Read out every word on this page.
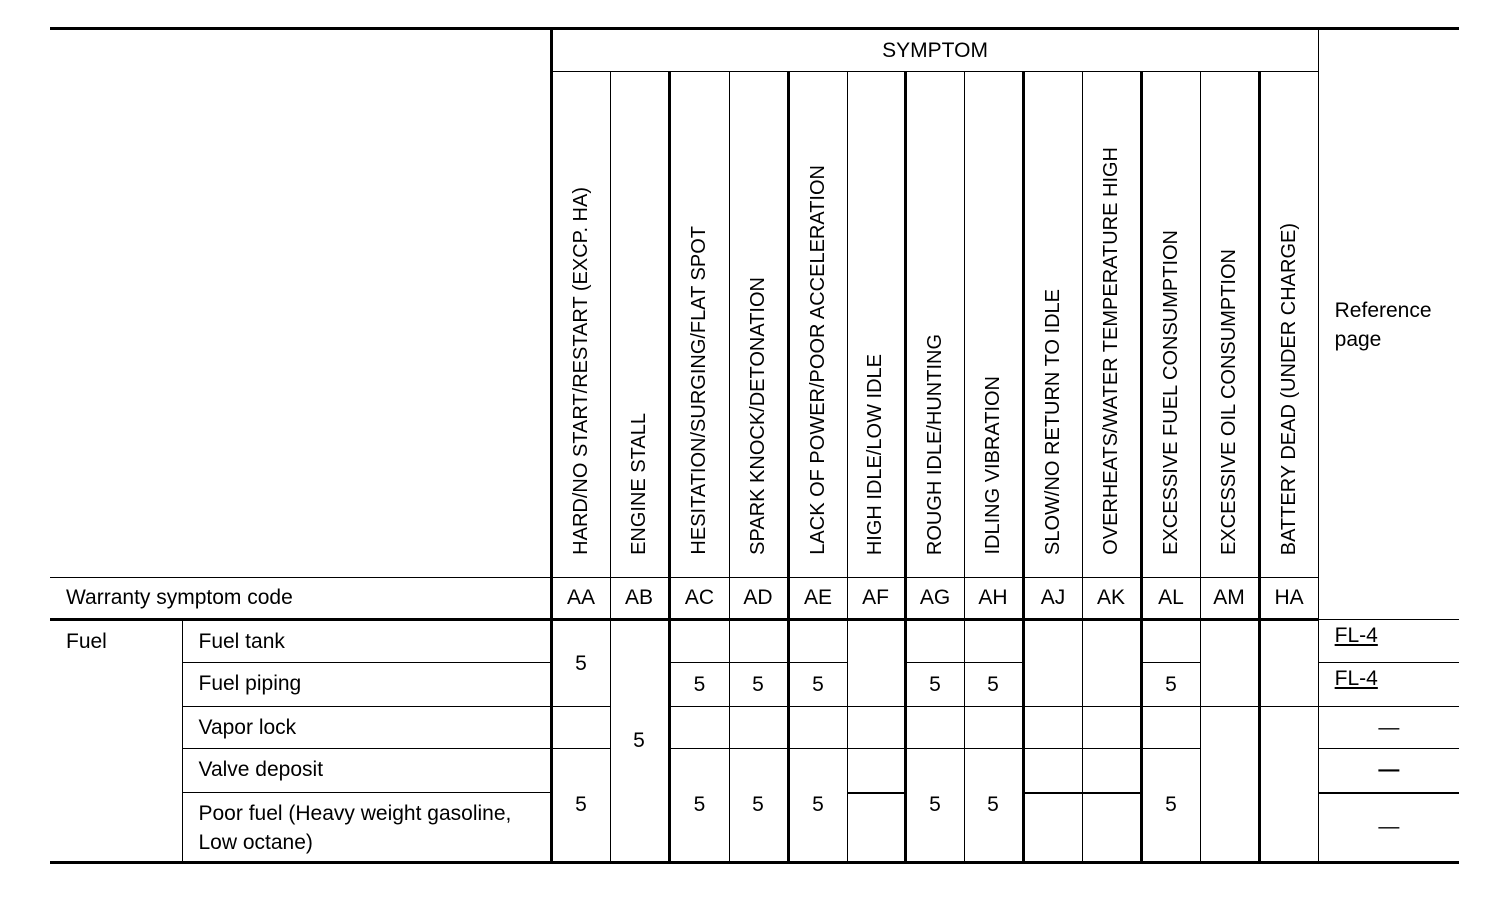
		SYMPTOM													Reference page
		HARD/NO START/RESTART (EXCP. HA)	ENGINE STALL	HESITATION/SURGING/FLAT SPOT	SPARK KNOCK/DETONATION	LACK OF POWER/POOR ACCELERATION	HIGH IDLE/LOW IDLE	ROUGH IDLE/HUNTING	IDLING VIBRATION	SLOW/NO RETURN TO IDLE	OVERHEATS/WATER TEMPERATURE HIGH	EXCESSIVE FUEL CONSUMPTION	EXCESSIVE OIL CONSUMPTION	BATTERY DEAD (UNDER CHARGE)	
Warranty symptom code		AA	AB	AC	AD	AE	AF	AG	AH	AJ	AK	AL	AM	HA	
Fuel	Fuel tank	5	5												FL-4
	Fuel piping			5	5	5		5	5			5			FL-4
	Vapor lock														—
	Valve deposit	5		5	5	5		5	5			5			—
	Poor fuel (Heavy weight gasoline, Low octane)														—
